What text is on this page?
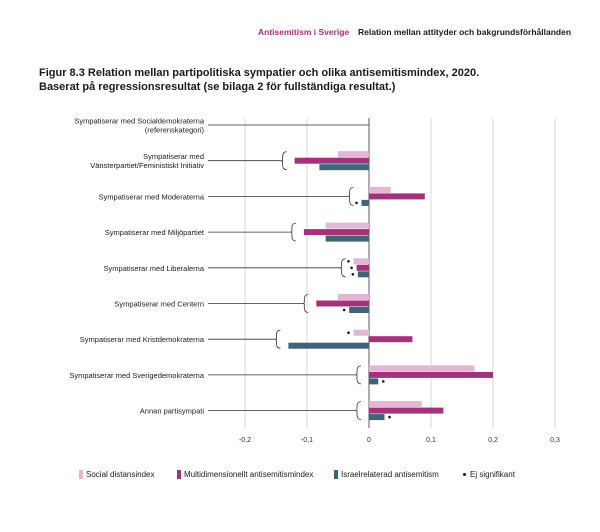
Antisemitism i Sverige Relation mellan attityder och bakgrundsförhållanden
Figur 8.3 Relation mellan partipolitiska sympatier och olika antisemitismindex, 2020.
Baserat på regressionsresultat (se bilaga 2 för fullständiga resultat.)
-0,2	-0,1	0	0,1	0,2	0,3
Sympatiserar med Socialdemokraterna
(referenskategori)
Sympatiserar med
Vänsterpartiet/Feministiskt Initiativ
Sympatiserar med Moderaterna
Sympatiserar med Miljöpartiet
Sympatiserar med Liberalerna
Sympatiserar med Centern
Sympatiserar med Kristdemokraterna
Sympatiserar med Sverigedemokraterna
Annan partisympati
Social distansindex	Multidimensionellt antisemitismindex	Israelrelaterad antisemitism	Ej signifikant
